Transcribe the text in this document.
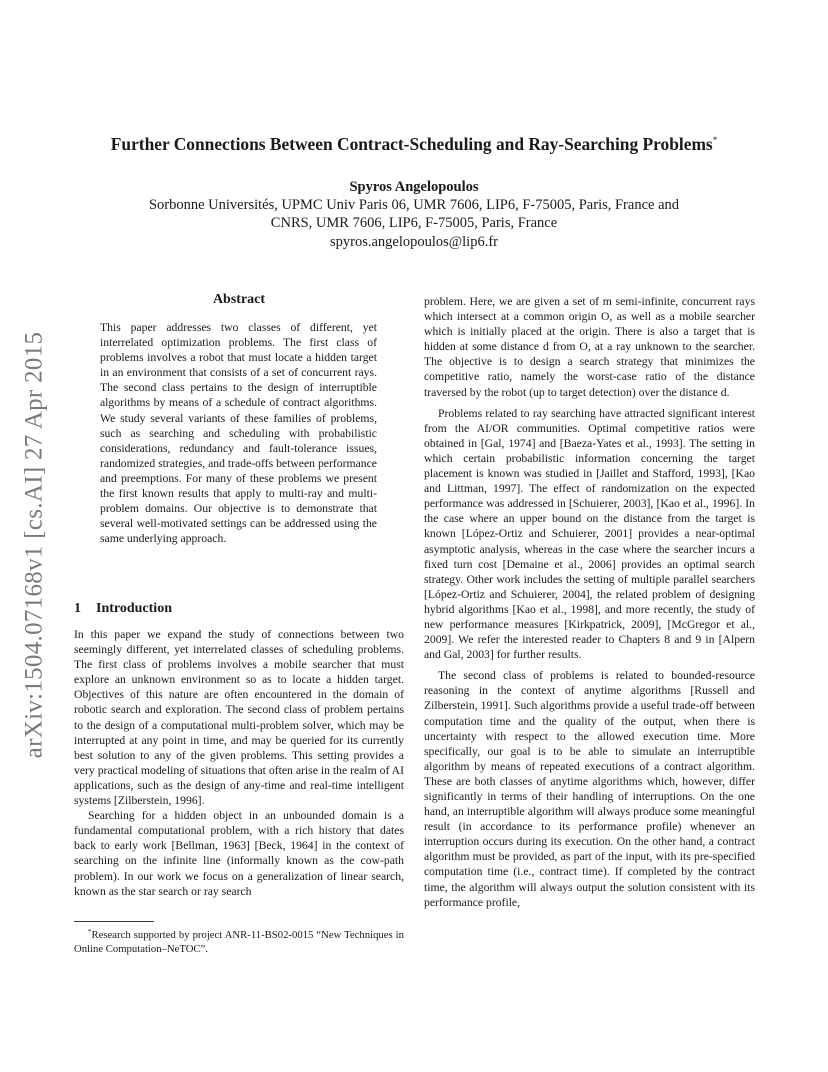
arXiv:1504.07168v1 [cs.AI] 27 Apr 2015
Further Connections Between Contract-Scheduling and Ray-Searching Problems*
Spyros Angelopoulos
Sorbonne Universités, UPMC Univ Paris 06, UMR 7606, LIP6, F-75005, Paris, France and
CNRS, UMR 7606, LIP6, F-75005, Paris, France
spyros.angelopoulos@lip6.fr
Abstract
This paper addresses two classes of different, yet interrelated optimization problems. The first class of problems involves a robot that must locate a hidden target in an environment that consists of a set of concurrent rays. The second class pertains to the design of interruptible algorithms by means of a schedule of contract algorithms. We study several variants of these families of problems, such as searching and scheduling with probabilistic considerations, redundancy and fault-tolerance issues, randomized strategies, and trade-offs between performance and preemptions. For many of these problems we present the first known results that apply to multi-ray and multi-problem domains. Our objective is to demonstrate that several well-motivated settings can be addressed using the same underlying approach.
1 Introduction

In this paper we expand the study of connections between two seemingly different, yet interrelated classes of scheduling problems. The first class of problems involves a mobile searcher that must explore an unknown environment so as to locate a hidden target. Objectives of this nature are often encountered in the domain of robotic search and exploration. The second class of problem pertains to the design of a computational multi-problem solver, which may be interrupted at any point in time, and may be queried for its currently best solution to any of the given problems. This setting provides a very practical modeling of situations that often arise in the realm of AI applications, such as the design of any-time and real-time intelligent systems [Zilberstein, 1996].

Searching for a hidden object in an unbounded domain is a fundamental computational problem, with a rich history that dates back to early work [Bellman, 1963] [Beck, 1964] in the context of searching on the infinite line (informally known as the cow-path problem). In our work we focus on a generalization of linear search, known as the star search or ray search

*Research supported by project ANR-11-BS02-0015 “New Techniques in Online Computation–NeTOC”.

problem. Here, we are given a set of m semi-infinite, concurrent rays which intersect at a common origin O, as well as a mobile searcher which is initially placed at the origin. There is also a target that is hidden at some distance d from O, at a ray unknown to the searcher. The objective is to design a search strategy that minimizes the competitive ratio, namely the worst-case ratio of the distance traversed by the robot (up to target detection) over the distance d.

Problems related to ray searching have attracted significant interest from the AI/OR communities. Optimal competitive ratios were obtained in [Gal, 1974] and [Baeza-Yates et al., 1993]. The setting in which certain probabilistic information concerning the target placement is known was studied in [Jaillet and Stafford, 1993], [Kao and Littman, 1997]. The effect of randomization on the expected performance was addressed in [Schuierer, 2003], [Kao et al., 1996]. In the case where an upper bound on the distance from the target is known [López-Ortiz and Schuierer, 2001] provides a near-optimal asymptotic analysis, whereas in the case where the searcher incurs a fixed turn cost [Demaine et al., 2006] provides an optimal search strategy. Other work includes the setting of multiple parallel searchers [López-Ortiz and Schuierer, 2004], the related problem of designing hybrid algorithms [Kao et al., 1998], and more recently, the study of new performance measures [Kirkpatrick, 2009], [McGregor et al., 2009]. We refer the interested reader to Chapters 8 and 9 in [Alpern and Gal, 2003] for further results.

The second class of problems is related to bounded-resource reasoning in the context of anytime algorithms [Russell and Zilberstein, 1991]. Such algorithms provide a useful trade-off between computation time and the quality of the output, when there is uncertainty with respect to the allowed execution time. More specifically, our goal is to be able to simulate an interruptible algorithm by means of repeated executions of a contract algorithm. These are both classes of anytime algorithms which, however, differ significantly in terms of their handling of interruptions. On the one hand, an interruptible algorithm will always produce some meaningful result (in accordance to its performance profile) whenever an interruption occurs during its execution. On the other hand, a contract algorithm must be provided, as part of the input, with its pre-specified computation time (i.e., contract time). If completed by the contract time, the algorithm will always output the solution consistent with its performance profile,
